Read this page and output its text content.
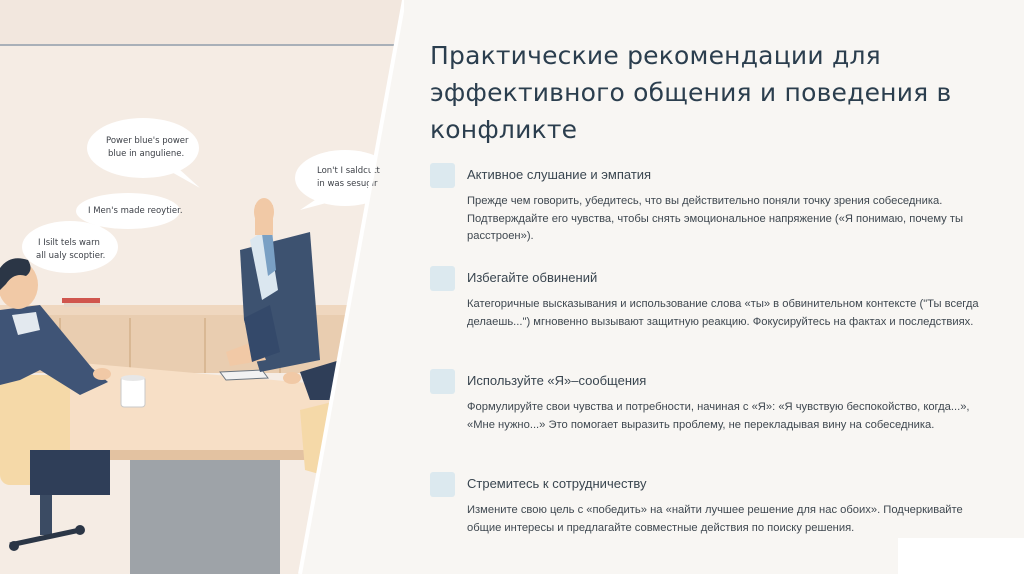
Power blue's power
blue in anguliene.
Lon't I saldcutt
in was sesugir
I Men's made reoytier.
I Isilt tels warn
all ualy scoptier.
Практические рекомендации для эффективного общения и поведения в конфликте
Активное слушание и эмпатия
Прежде чем говорить, убедитесь, что вы действительно поняли точку зрения собеседника. Подтверждайте его чувства, чтобы снять эмоциональное напряжение («Я понимаю, почему ты расстроен»).
Избегайте обвинений
Категоричные высказывания и использование слова «ты» в обвинительном контексте ("Ты всегда делаешь...") мгновенно вызывают защитную реакцию. Фокусируйтесь на фактах и последствиях.
Используйте «Я»–сообщения
Формулируйте свои чувства и потребности, начиная с «Я»: «Я чувствую беспокойство, когда...», «Мне нужно...» Это помогает выразить проблему, не перекладывая вину на собеседника.
Стремитесь к сотрудничеству
Измените свою цель с «победить» на «найти лучшее решение для нас обоих». Подчеркивайте общие интересы и предлагайте совместные действия по поиску решения.
